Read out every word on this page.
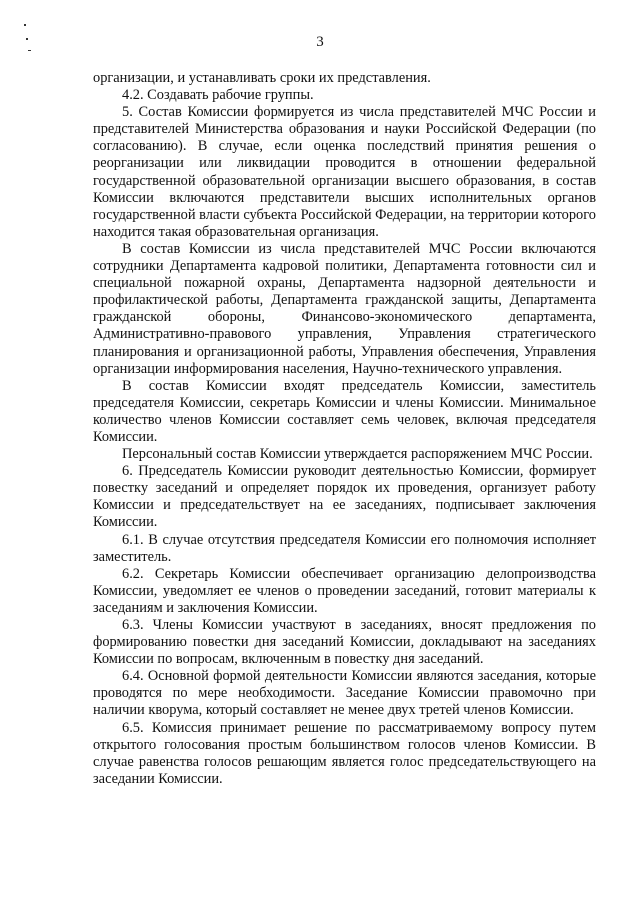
3

организации, и устанавливать сроки их представления.

4.2. Создавать рабочие группы.

5. Состав Комиссии формируется из числа представителей МЧС России и представителей Министерства образования и науки Российской Федерации (по согласованию). В случае, если оценка последствий принятия решения о реорганизации или ликвидации проводится в отношении федеральной государственной образовательной организации высшего образования, в состав Комиссии включаются представители высших исполнительных органов государственной власти субъекта Российской Федерации, на территории которого находится такая образовательная организация.

В состав Комиссии из числа представителей МЧС России включаются сотрудники Департамента кадровой политики, Департамента готовности сил и специальной пожарной охраны, Департамента надзорной деятельности и профилактической работы, Департамента гражданской защиты, Департамента гражданской обороны, Финансово-экономического департамента, Административно-правового управления, Управления стратегического планирования и организационной работы, Управления обеспечения, Управления организации информирования населения, Научно-технического управления.

В состав Комиссии входят председатель Комиссии, заместитель председателя Комиссии, секретарь Комиссии и члены Комиссии. Минимальное количество членов Комиссии составляет семь человек, включая председателя Комиссии.

Персональный состав Комиссии утверждается распоряжением МЧС России.

6. Председатель Комиссии руководит деятельностью Комиссии, формирует повестку заседаний и определяет порядок их проведения, организует работу Комиссии и председательствует на ее заседаниях, подписывает заключения Комиссии.

6.1. В случае отсутствия председателя Комиссии его полномочия исполняет заместитель.

6.2. Секретарь Комиссии обеспечивает организацию делопроизводства Комиссии, уведомляет ее членов о проведении заседаний, готовит материалы к заседаниям и заключения Комиссии.

6.3. Члены Комиссии участвуют в заседаниях, вносят предложения по формированию повестки дня заседаний Комиссии, докладывают на заседаниях Комиссии по вопросам, включенным в повестку дня заседаний.

6.4. Основной формой деятельности Комиссии являются заседания, которые проводятся по мере необходимости. Заседание Комиссии правомочно при наличии кворума, который составляет не менее двух третей членов Комиссии.

6.5. Комиссия принимает решение по рассматриваемому вопросу путем открытого голосования простым большинством голосов членов Комиссии. В случае равенства голосов решающим является голос председательствующего на заседании Комиссии.
